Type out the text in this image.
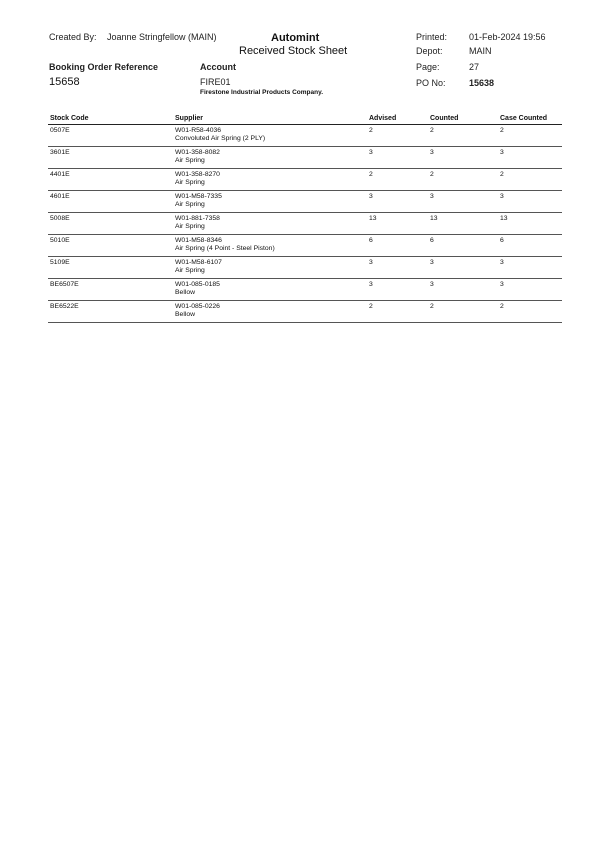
Created By: Joanne Stringfellow (MAIN)	Automint
Received Stock Sheet
Printed: 01-Feb-2024 19:56
Depot:	MAIN
Page:	27
PO No:	15638
Booking Order Reference
15658
Account
FIRE01
Firestone Industrial Products Company.
Stock Code	Supplier	Advised	Counted	Case Counted
0507E	W01-R58-4036
Convoluted Air Spring (2 PLY)
2	2	2
3601E	W01-358-8082
Air Spring
3	3	3
4401E	W01-358-8270
Air Spring
2	2	2
4601E	W01-M58-7335
Air Spring
3	3	3
5008E	W01-881-7358
Air Spring
13	13	13
5010E	W01-M58-8346
Air Spring (4 Point - Steel Piston)
6	6	6
5109E	W01-M58-6107
Air Spring
3	3	3
BE6507E	W01-085-0185
Bellow
3	3	3
BE6522E	W01-085-0226
Bellow
2	2	2
